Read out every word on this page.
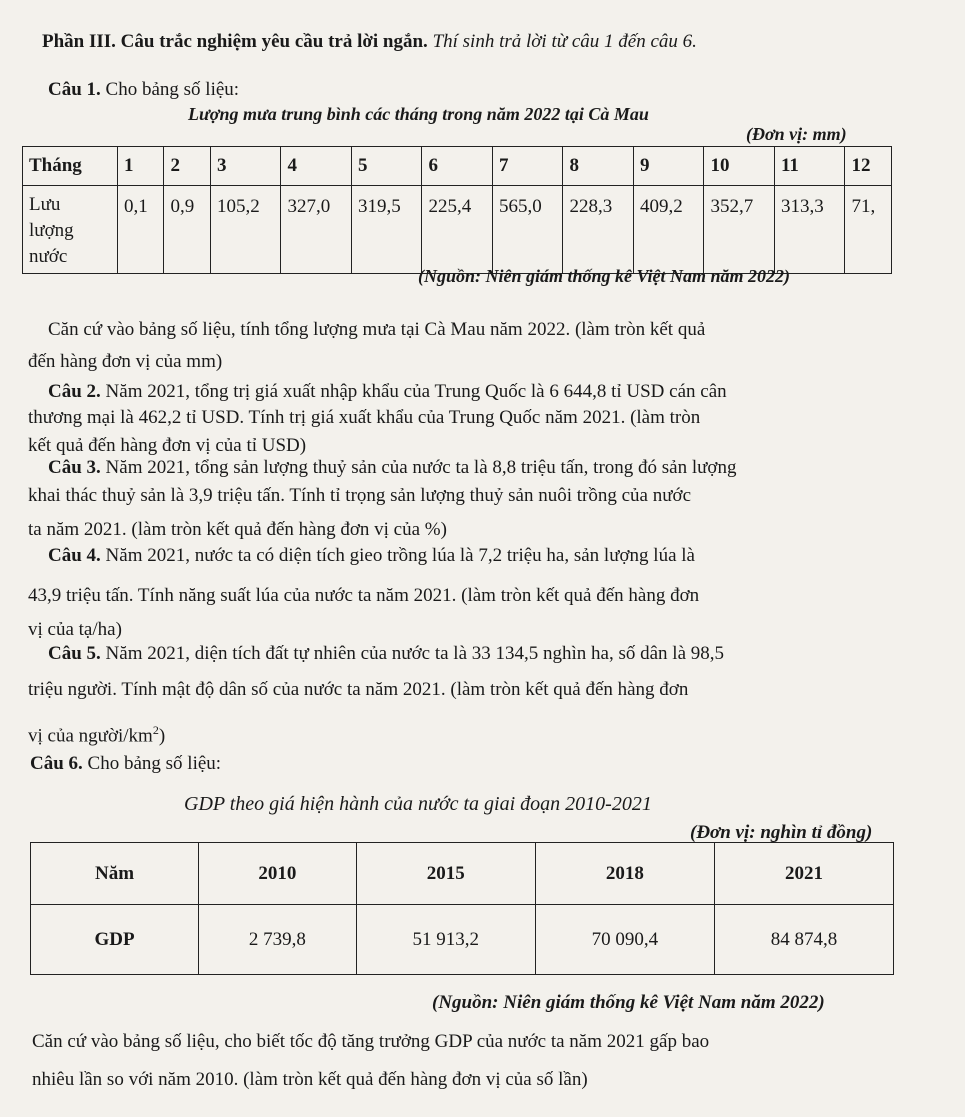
Phần III. Câu trắc nghiệm yêu cầu trả lời ngắn. Thí sinh trả lời từ câu 1 đến câu 6.
Câu 1. Cho bảng số liệu:
Lượng mưa trung bình các tháng trong năm 2022 tại Cà Mau
(Đơn vị: mm)
Tháng	1	2	3	4	5	6	7	8	9	10	11	12
Lưu
lượng
nước	0,1	0,9	105,2	327,0	319,5	225,4	565,0	228,3	409,2	352,7	313,3	71,
(Nguồn: Niên giám thống kê Việt Nam năm 2022)
Căn cứ vào bảng số liệu, tính tổng lượng mưa tại Cà Mau năm 2022. (làm tròn kết quả
đến hàng đơn vị của mm)
Câu 2. Năm 2021, tổng trị giá xuất nhập khẩu của Trung Quốc là 6 644,8 tỉ USD cán cân
thương mại là 462,2 tỉ USD. Tính trị giá xuất khẩu của Trung Quốc năm 2021. (làm tròn
kết quả đến hàng đơn vị của tỉ USD)
Câu 3. Năm 2021, tổng sản lượng thuỷ sản của nước ta là 8,8 triệu tấn, trong đó sản lượng
khai thác thuỷ sản là 3,9 triệu tấn. Tính tỉ trọng sản lượng thuỷ sản nuôi trồng của nước
ta năm 2021. (làm tròn kết quả đến hàng đơn vị của %)
Câu 4. Năm 2021, nước ta có diện tích gieo trồng lúa là 7,2 triệu ha, sản lượng lúa là
43,9 triệu tấn. Tính năng suất lúa của nước ta năm 2021. (làm tròn kết quả đến hàng đơn
vị của tạ/ha)
Câu 5. Năm 2021, diện tích đất tự nhiên của nước ta là 33 134,5 nghìn ha, số dân là 98,5
triệu người. Tính mật độ dân số của nước ta năm 2021. (làm tròn kết quả đến hàng đơn
vị của người/$km^2$)
Câu 6. Cho bảng số liệu:
GDP theo giá hiện hành của nước ta giai đoạn 2010-2021
(Đơn vị: nghìn tỉ đồng)
Năm	2010	2015	2018	2021
GDP	2 739,8	51 913,2	70 090,4	84 874,8
(Nguồn: Niên giám thống kê Việt Nam năm 2022)
Căn cứ vào bảng số liệu, cho biết tốc độ tăng trưởng GDP của nước ta năm 2021 gấp bao
nhiêu lần so với năm 2010. (làm tròn kết quả đến hàng đơn vị của số lần)
